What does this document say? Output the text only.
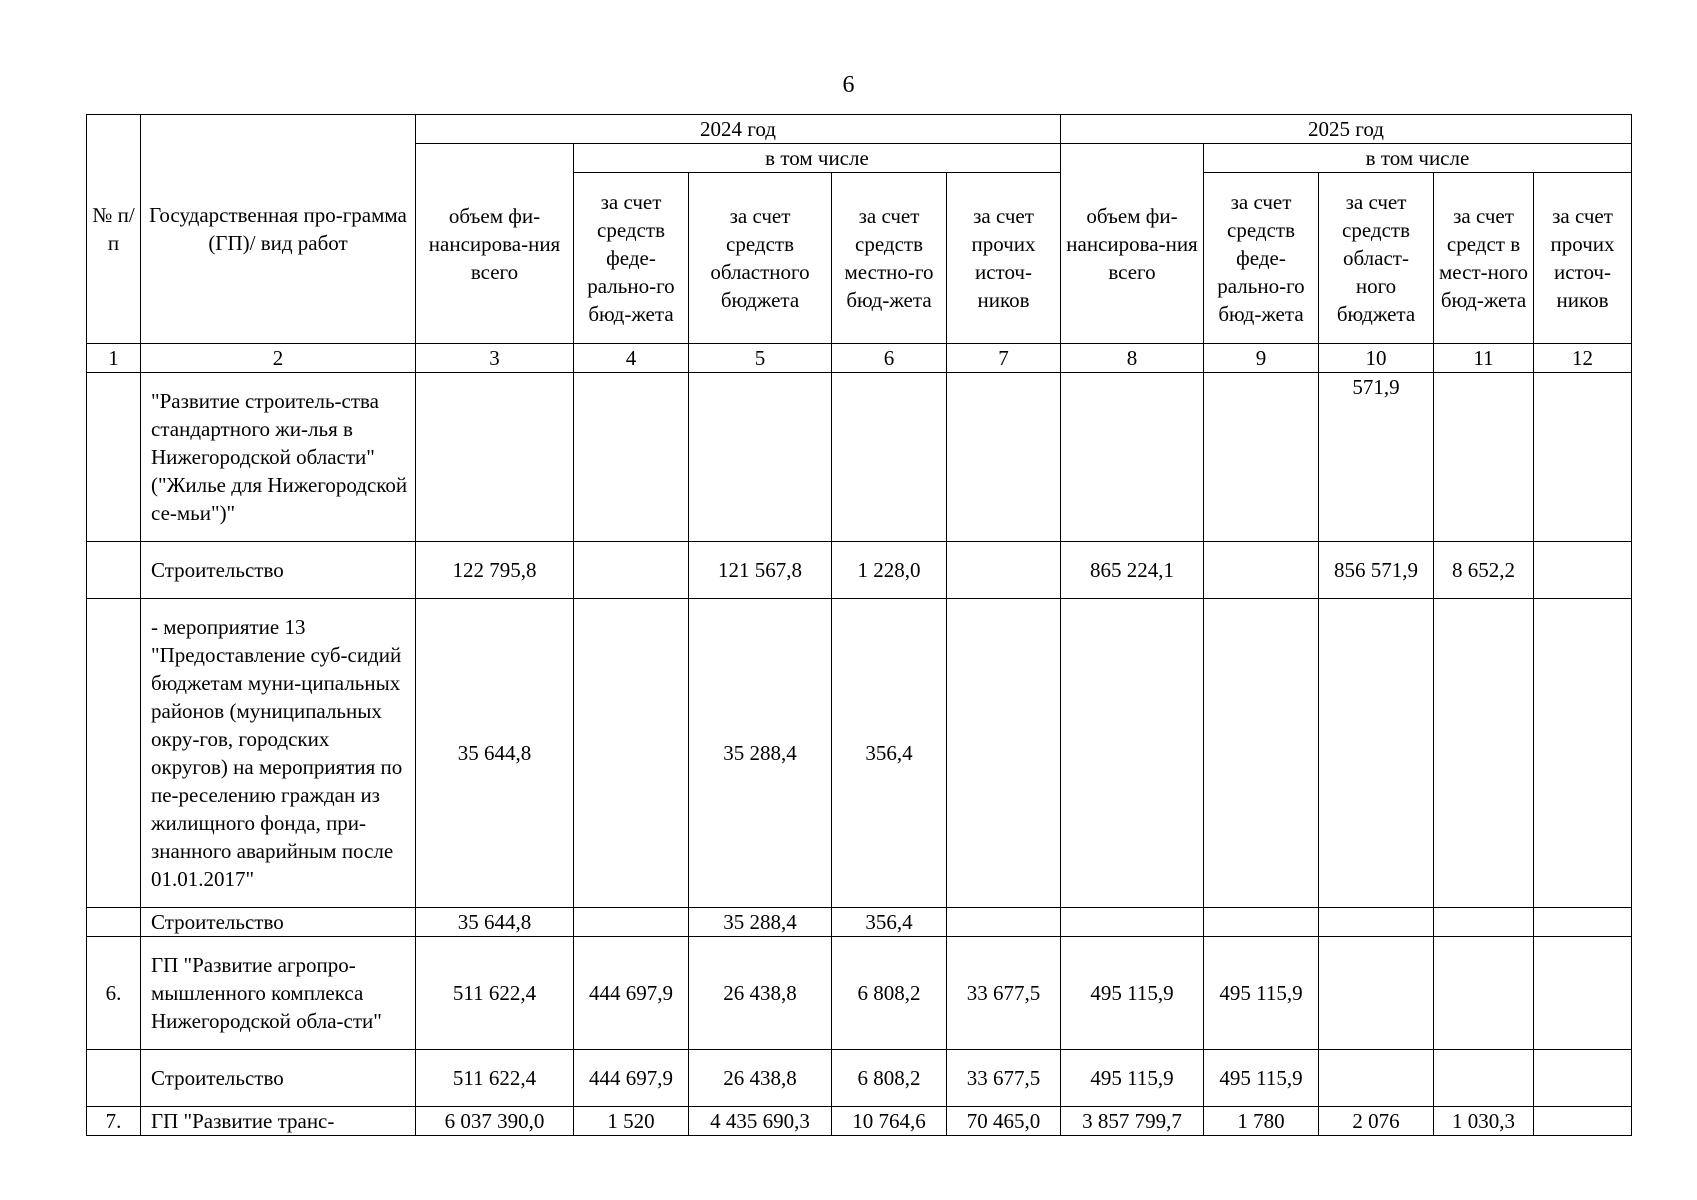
6
№ п/п	Государственная про-грамма (ГП)/ вид работ	2024 год					2025 год				
		объем фи-нансирова-ния всего	в том числе				объем фи-нансирова-ния всего	в том числе			
			за счет средств феде-рально-го бюд-жета	за счет средств областного бюджета	за счет средств местно-го бюд-жета	за счет прочих источ-ников		за счет средств феде-рально-го бюд-жета	за счет средств област-ного бюджета	за счет средст в мест-ного бюд-жета	за счет прочих источ-ников
1	2	3	4	5	6	7	8	9	10	11	12
	"Развитие строитель-ства стандартного жи-лья в Нижегородской области" ("Жилье для Нижегородской се-мьи")"								571,9		
	Строительство	122 795,8		121 567,8	1 228,0		865 224,1		856 571,9	8 652,2	
	- мероприятие 13 "Предоставление суб-сидий бюджетам муни-ципальных районов (муниципальных окру-гов, городских округов) на мероприятия по пе-реселению граждан из жилищного фонда, при-знанного аварийным после 01.01.2017"	35 644,8		35 288,4	356,4						
	Строительство	35 644,8		35 288,4	356,4						
6.	ГП "Развитие агропро-мышленного комплекса Нижегородской обла-сти"	511 622,4	444 697,9	26 438,8	6 808,2	33 677,5	495 115,9	495 115,9			
	Строительство	511 622,4	444 697,9	26 438,8	6 808,2	33 677,5	495 115,9	495 115,9			
7.	ГП "Развитие транс-	6 037 390,0	1 520	4 435 690,3	10 764,6	70 465,0	3 857 799,7	1 780	2 076	1 030,3	
